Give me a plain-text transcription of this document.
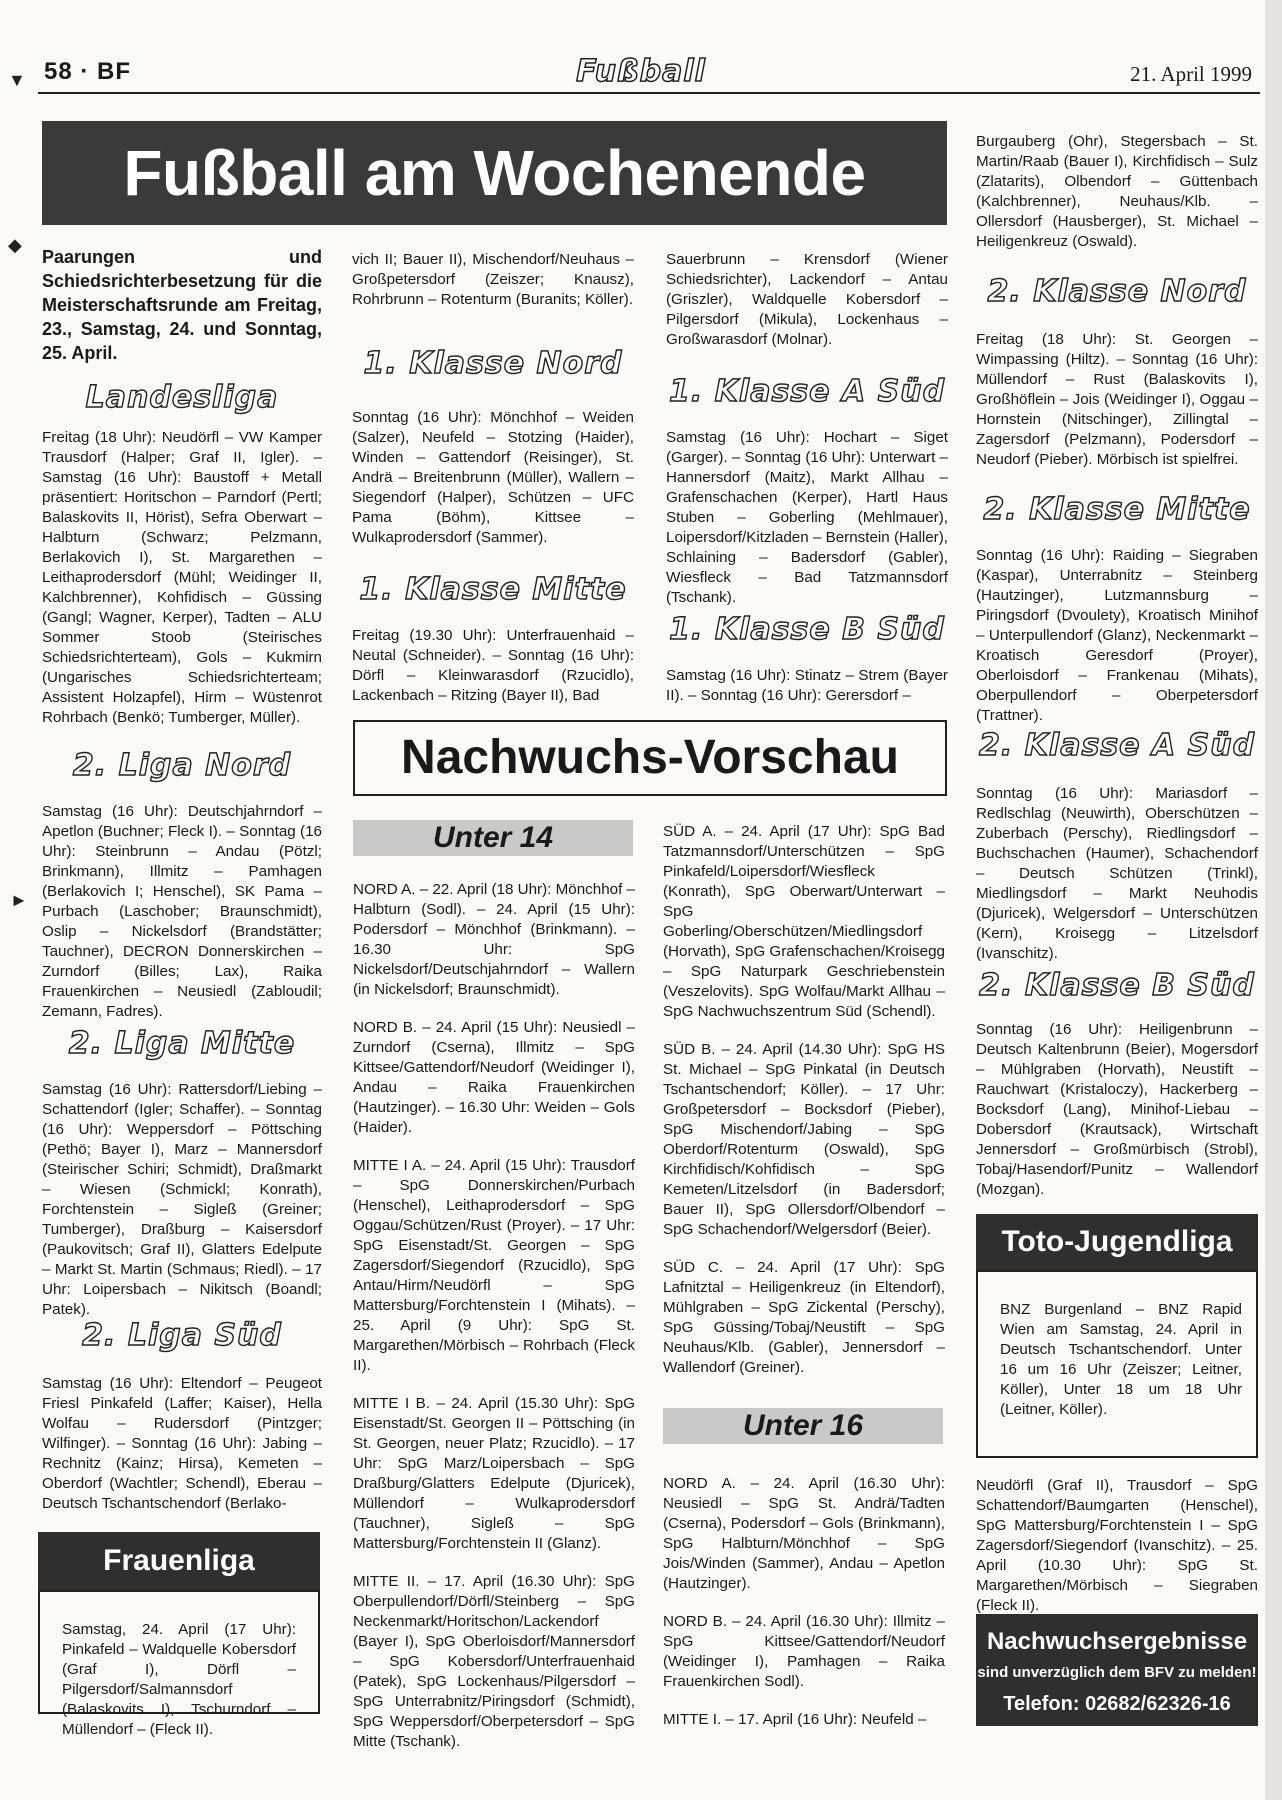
58 · BF	Fußball	21. April 1999
▼
◆
►
Fußball am Wochenende
Paarungen und Schiedsrichterbesetzung für die Meisterschaftsrunde am Freitag, 23., Samstag, 24. und Sonntag, 25. April.
Landesliga
Freitag (18 Uhr): Neudörfl – VW Kamper Trausdorf (Halper; Graf II, Igler). – Samstag (16 Uhr): Baustoff + Metall präsentiert: Horitschon – Parndorf (Pertl; Balaskovits II, Hörist), Sefra Oberwart – Halbturn (Schwarz; Pelzmann, Berlakovich I), St. Margarethen – Leithaprodersdorf (Mühl; Weidinger II, Kalchbrenner), Kohfidisch – Güssing (Gangl; Wagner, Kerper), Tadten – ALU Sommer Stoob (Steirisches Schiedsrichterteam), Gols – Kukmirn (Ungarisches Schiedsrichterteam; Assistent Holzapfel), Hirm – Wüstenrot Rohrbach (Benkö; Tumberger, Müller).
2. Liga Nord
Samstag (16 Uhr): Deutschjahrndorf – Apetlon (Buchner; Fleck I). – Sonntag (16 Uhr): Steinbrunn – Andau (Pötzl; Brinkmann), Illmitz – Pamhagen (Berlakovich I; Henschel), SK Pama – Purbach (Laschober; Braunschmidt), Oslip – Nickelsdorf (Brandstätter; Tauchner), DECRON Donnerskirchen – Zurndorf (Billes; Lax), Raika Frauenkirchen – Neusiedl (Zabloudil; Zemann, Fadres).
2. Liga Mitte
Samstag (16 Uhr): Rattersdorf/Liebing – Schattendorf (Igler; Schaffer). – Sonntag (16 Uhr): Weppersdorf – Pöttsching (Pethö; Bayer I), Marz – Mannersdorf (Steirischer Schiri; Schmidt), Draßmarkt – Wiesen (Schmickl; Konrath), Forchtenstein – Sigleß (Greiner; Tumberger), Draßburg – Kaisersdorf (Paukovitsch; Graf II), Glatters Edelpute – Markt St. Martin (Schmaus; Riedl). – 17 Uhr: Loipersbach – Nikitsch (Boandl; Patek).
2. Liga Süd
Samstag (16 Uhr): Eltendorf – Peugeot Friesl Pinkafeld (Laffer; Kaiser), Hella Wolfau – Rudersdorf (Pintzger; Wilfinger). – Sonntag (16 Uhr): Jabing – Rechnitz (Kainz; Hirsa), Kemeten – Oberdorf (Wachtler; Schendl), Eberau – Deutsch Tschantschendorf (Berlako-
Frauenliga
Samstag, 24. April (17 Uhr): Pinkafeld – Waldquelle Kobersdorf (Graf I), Dörfl – Pilgersdorf/Salmannsdorf (Balaskovits I), Tschurndorf – Müllendorf – (Fleck II).
vich II; Bauer II), Mischendorf/Neuhaus – Großpetersdorf (Zeiszer; Knausz), Rohrbrunn – Rotenturm (Buranits; Köller).
1. Klasse Nord
Sonntag (16 Uhr): Mönchhof – Weiden (Salzer), Neufeld – Stotzing (Haider), Winden – Gattendorf (Reisinger), St. Andrä – Breitenbrunn (Müller), Wallern – Siegendorf (Halper), Schützen – UFC Pama (Böhm), Kittsee – Wulkaprodersdorf (Sammer).
1. Klasse Mitte
Freitag (19.30 Uhr): Unterfrauenhaid – Neutal (Schneider). – Sonntag (16 Uhr): Dörfl – Kleinwarasdorf (Rzucidlo), Lackenbach – Ritzing (Bayer II), Bad
Sauerbrunn – Krensdorf (Wiener Schiedsrichter), Lackendorf – Antau (Griszler), Waldquelle Kobersdorf – Pilgersdorf (Mikula), Lockenhaus – Großwarasdorf (Molnar).
1. Klasse A Süd
Samstag (16 Uhr): Hochart – Siget (Garger). – Sonntag (16 Uhr): Unterwart – Hannersdorf (Maitz), Markt Allhau – Grafenschachen (Kerper), Hartl Haus Stuben – Goberling (Mehlmauer), Loipersdorf/Kitzladen – Bernstein (Haller), Schlaining – Badersdorf (Gabler), Wiesfleck – Bad Tatzmannsdorf (Tschank).
1. Klasse B Süd
Samstag (16 Uhr): Stinatz – Strem (Bayer II). – Sonntag (16 Uhr): Gerersdorf –
Nachwuchs-Vorschau
Unter 14
NORD A. – 22. April (18 Uhr): Mönchhof – Halbturn (Sodl). – 24. April (15 Uhr): Podersdorf – Mönchhof (Brinkmann). – 16.30 Uhr: SpG Nickelsdorf/Deutschjahrndorf – Wallern (in Nickelsdorf; Braunschmidt).
NORD B. – 24. April (15 Uhr): Neusiedl – Zurndorf (Cserna), Illmitz – SpG Kittsee/Gattendorf/Neudorf (Weidinger I), Andau – Raika Frauenkirchen (Hautzinger). – 16.30 Uhr: Weiden – Gols (Haider).
MITTE I A. – 24. April (15 Uhr): Trausdorf – SpG Donnerskirchen/Purbach (Henschel), Leithaprodersdorf – SpG Oggau/Schützen/Rust (Proyer). – 17 Uhr: SpG Eisenstadt/St. Georgen – SpG Zagersdorf/Siegendorf (Rzucidlo), SpG Antau/Hirm/Neudörfl – SpG Mattersburg/Forchtenstein I (Mihats). – 25. April (9 Uhr): SpG St. Margarethen/Mörbisch – Rohrbach (Fleck II).
MITTE I B. – 24. April (15.30 Uhr): SpG Eisenstadt/St. Georgen II – Pöttsching (in St. Georgen, neuer Platz; Rzucidlo). – 17 Uhr: SpG Marz/Loipersbach – SpG Draßburg/Glatters Edelpute (Djuricek), Müllendorf – Wulkaprodersdorf (Tauchner), Sigleß – SpG Mattersburg/Forchtenstein II (Glanz).
MITTE II. – 17. April (16.30 Uhr): SpG Oberpullendorf/Dörfl/Steinberg – SpG Neckenmarkt/Horitschon/Lackendorf (Bayer I), SpG Oberloisdorf/Mannersdorf – SpG Kobersdorf/Unterfrauenhaid (Patek), SpG Lockenhaus/Pilgersdorf – SpG Unterrabnitz/Piringsdorf (Schmidt), SpG Weppersdorf/Oberpetersdorf – SpG Mitte (Tschank).
SÜD A. – 24. April (17 Uhr): SpG Bad Tatzmannsdorf/Unterschützen – SpG Pinkafeld/Loipersdorf/Wiesfleck (Konrath), SpG Oberwart/Unterwart – SpG Goberling/Oberschützen/Miedlingsdorf (Horvath), SpG Grafenschachen/Kroisegg – SpG Naturpark Geschriebenstein (Veszelovits). SpG Wolfau/Markt Allhau – SpG Nachwuchszentrum Süd (Schendl).
SÜD B. – 24. April (14.30 Uhr): SpG HS St. Michael – SpG Pinkatal (in Deutsch Tschantschendorf; Köller). – 17 Uhr: Großpetersdorf – Bocksdorf (Pieber), SpG Mischendorf/Jabing – SpG Oberdorf/Rotenturm (Oswald), SpG Kirchfidisch/Kohfidisch – SpG Kemeten/Litzelsdorf (in Badersdorf; Bauer II), SpG Ollersdorf/Olbendorf – SpG Schachendorf/Welgersdorf (Beier).
SÜD C. – 24. April (17 Uhr): SpG Lafnitztal – Heiligenkreuz (in Eltendorf), Mühlgraben – SpG Zickental (Perschy), SpG Güssing/Tobaj/Neustift – SpG Neuhaus/Klb. (Gabler), Jennersdorf – Wallendorf (Greiner).
Unter 16
NORD A. – 24. April (16.30 Uhr): Neusiedl – SpG St. Andrä/Tadten (Cserna), Podersdorf – Gols (Brinkmann), SpG Halbturn/Mönchhof – SpG Jois/Winden (Sammer), Andau – Apetlon (Hautzinger).
NORD B. – 24. April (16.30 Uhr): Illmitz – SpG Kittsee/Gattendorf/Neudorf (Weidinger I), Pamhagen – Raika Frauenkirchen Sodl).
MITTE I. – 17. April (16 Uhr): Neufeld –
Burgauberg (Ohr), Stegersbach – St. Martin/Raab (Bauer I), Kirchfidisch – Sulz (Zlatarits), Olbendorf – Güttenbach (Kalchbrenner), Neuhaus/Klb. – Ollersdorf (Hausberger), St. Michael – Heiligenkreuz (Oswald).
2. Klasse Nord
Freitag (18 Uhr): St. Georgen – Wimpassing (Hiltz). – Sonntag (16 Uhr): Müllendorf – Rust (Balaskovits I), Großhöflein – Jois (Weidinger I), Oggau – Hornstein (Nitschinger), Zillingtal – Zagersdorf (Pelzmann), Podersdorf – Neudorf (Pieber). Mörbisch ist spielfrei.
2. Klasse Mitte
Sonntag (16 Uhr): Raiding – Siegraben (Kaspar), Unterrabnitz – Steinberg (Hautzinger), Lutzmannsburg – Piringsdorf (Dvoulety), Kroatisch Minihof – Unterpullendorf (Glanz), Neckenmarkt – Kroatisch Geresdorf (Proyer), Oberloisdorf – Frankenau (Mihats), Oberpullendorf – Oberpetersdorf (Trattner).
2. Klasse A Süd
Sonntag (16 Uhr): Mariasdorf – Redlschlag (Neuwirth), Oberschützen – Zuberbach (Perschy), Riedlingsdorf – Buchschachen (Haumer), Schachendorf – Deutsch Schützen (Trinkl), Miedlingsdorf – Markt Neuhodis (Djuricek), Welgersdorf – Unterschützen (Kern), Kroisegg – Litzelsdorf (Ivanschitz).
2. Klasse B Süd
Sonntag (16 Uhr): Heiligenbrunn – Deutsch Kaltenbrunn (Beier), Mogersdorf – Mühlgraben (Horvath), Neustift – Rauchwart (Kristaloczy), Hackerberg – Bocksdorf (Lang), Minihof-Liebau – Dobersdorf (Krautsack), Wirtschaft Jennersdorf – Großmürbisch (Strobl), Tobaj/Hasendorf/Punitz – Wallendorf (Mozgan).
Toto-Jugendliga
BNZ Burgenland – BNZ Rapid Wien am Samstag, 24. April in Deutsch Tschantschendorf. Unter 16 um 16 Uhr (Zeiszer; Leitner, Köller), Unter 18 um 18 Uhr (Leitner, Köller).
Neudörfl (Graf II), Trausdorf – SpG Schattendorf/Baumgarten (Henschel), SpG Mattersburg/Forchtenstein I – SpG Zagersdorf/Siegendorf (Ivanschitz). – 25. April (10.30 Uhr): SpG St. Margarethen/Mörbisch – Siegraben (Fleck II).
Nachwuchsergebnisse
sind unverzüglich dem BFV zu melden!
Telefon: 02682/62326-16
